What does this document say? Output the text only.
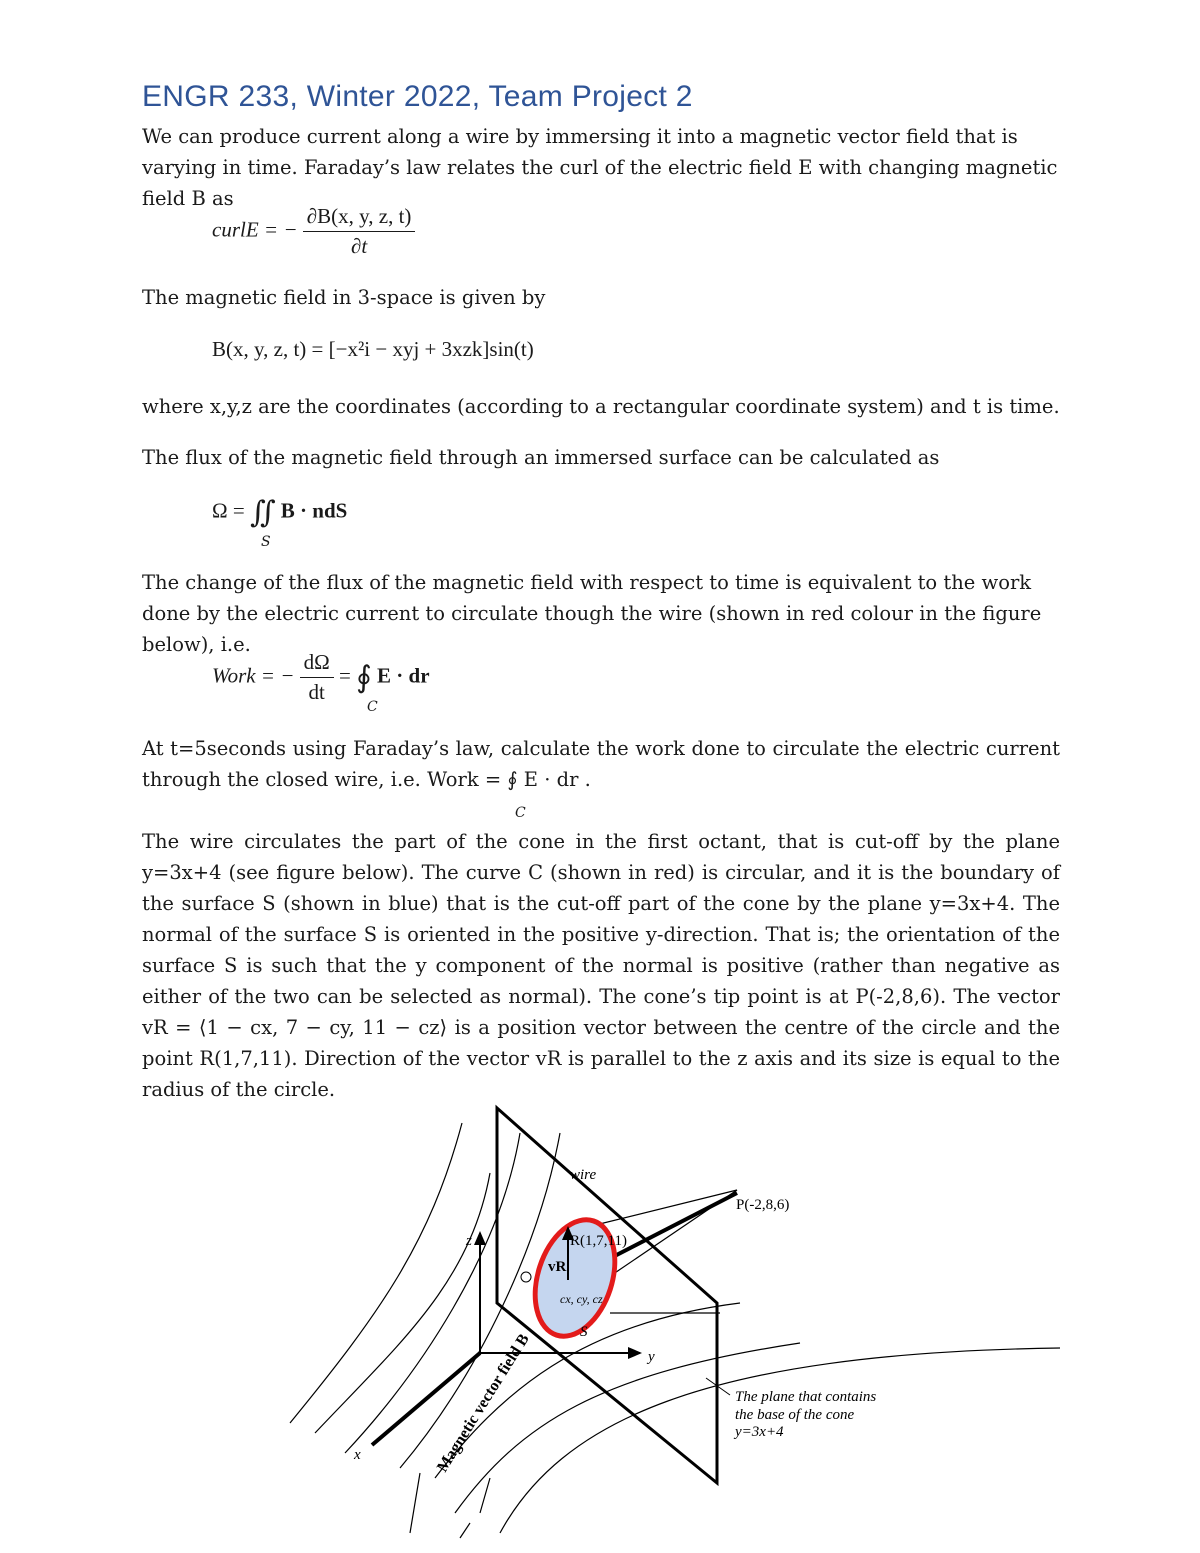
ENGR 233, Winter 2022, Team Project 2
We can produce current along a wire by immersing it into a magnetic vector field that is varying in time. Faraday’s law relates the curl of the electric field E with changing magnetic field B as
curlE = − $\frac{\partial B(x, y, z, t)}{\partial t}$
The magnetic field in 3-space is given by
B(x, y, z, t) = [−x²i − xyj + 3xzk]sin(t)
where x,y,z are the coordinates (according to a rectangular coordinate system) and t is time.
The flux of the magnetic field through an immersed surface can be calculated as
Ω = ∬ B · ndS
S
The change of the flux of the magnetic field with respect to time is equivalent to the work done by the electric current to circulate though the wire (shown in red colour in the figure below), i.e.
Work = − $\frac{d\Omega}{dt}$ = ∮ E · dr
C
At t=5seconds using Faraday’s law, calculate the work done to circulate the electric current through the closed wire, i.e. Work = ∮ E · dr .
C
The wire circulates the part of the cone in the first octant, that is cut-off by the plane y=3x+4 (see figure below). The curve C (shown in red) is circular, and it is the boundary of the surface S (shown in blue) that is the cut-off part of the cone by the plane y=3x+4. The normal of the surface S is oriented in the positive y-direction. That is; the orientation of the surface S is such that the y component of the normal is positive (rather than negative as either of the two can be selected as normal). The cone’s tip point is at P(-2,8,6). The vector vR = ⟨1 − cx, 7 − cy, 11 − cz⟩ is a position vector between the centre of the circle and the point R(1,7,11). Direction of the vector vR is parallel to the z axis and its size is equal to the radius of the circle.
wire
P(-2,8,6)
R(1,7,11)
vR
cx, cy, cz
S
z
y
x	Magnetic vector field B	The plane that contains
the base of the cone
y=3x+4
